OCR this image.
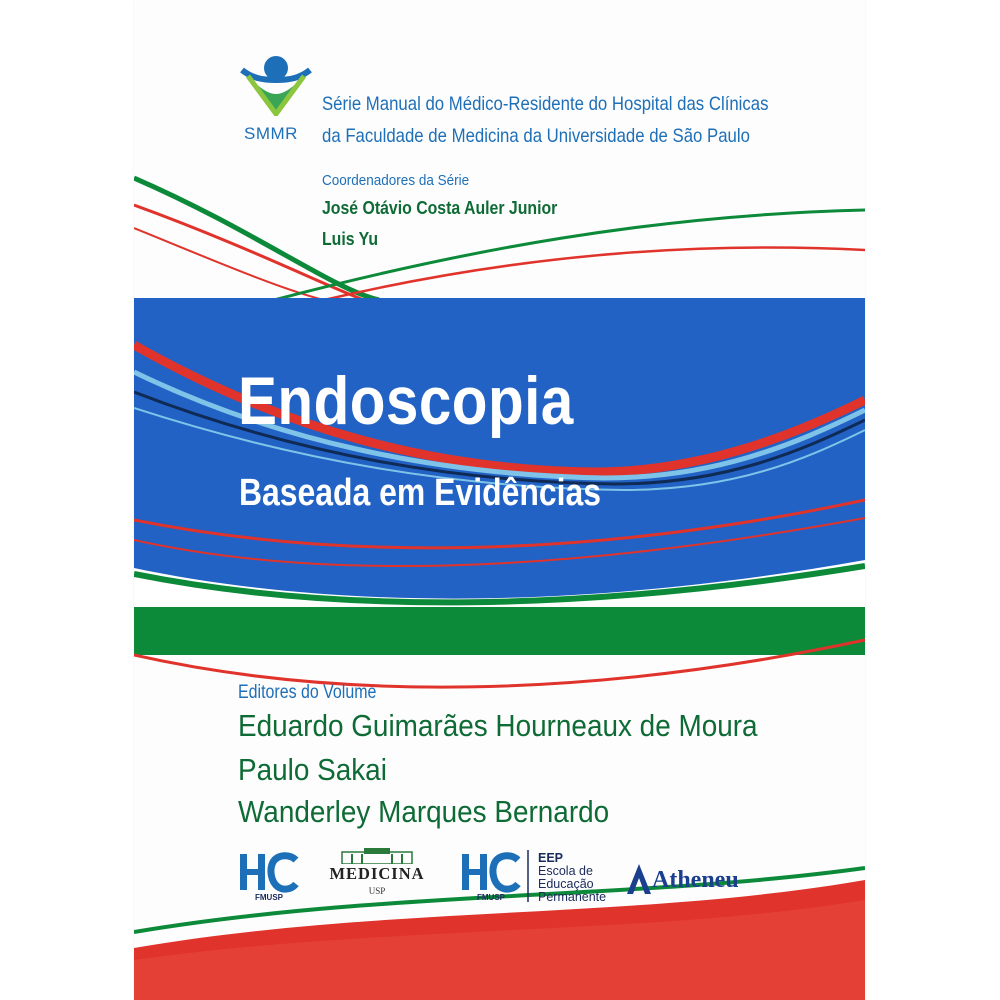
SMMR
Série Manual do Médico-Residente do Hospital das Clínicas
da Faculdade de Medicina da Universidade de São Paulo
Coordenadores da Série
José Otávio Costa Auler Junior
Luis Yu
Endoscopia
Baseada em Evidências
Editores do Volume
Eduardo Guimarães Hourneaux de Moura
Paulo Sakai
Wanderley Marques Bernardo
FMUSP
MEDICINA
USP
FMUSP
EEP
Escola de
Educação
Permanente
Atheneu
